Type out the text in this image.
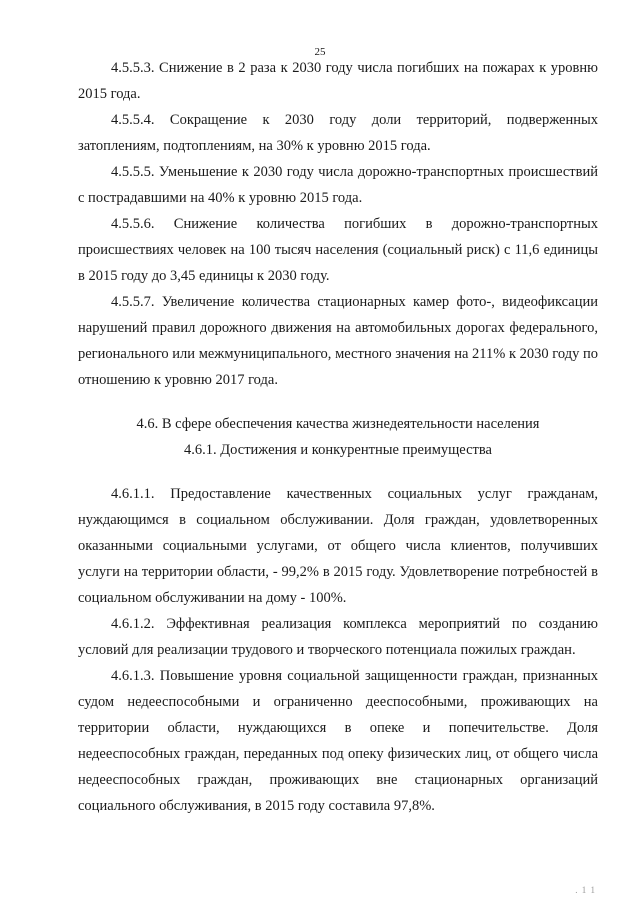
25

4.5.5.3. Снижение в 2 раза к 2030 году числа погибших на пожарах к уровню 2015 года.

4.5.5.4. Сокращение к 2030 году доли территорий, подверженных затоплениям, подтоплениям, на 30% к уровню 2015 года.

4.5.5.5. Уменьшение к 2030 году числа дорожно-транспортных происшествий с пострадавшими на 40% к уровню 2015 года.

4.5.5.6. Снижение количества погибших в дорожно-транспортных происшествиях человек на 100 тысяч населения (социальный риск) с 11,6 единицы в 2015 году до 3,45 единицы к 2030 году.

4.5.5.7. Увеличение количества стационарных камер фото-, видеофиксации нарушений правил дорожного движения на автомобильных дорогах федерального, регионального или межмуниципального, местного значения на 211% к 2030 году по отношению к уровню 2017 года.

4.6. В сфере обеспечения качества жизнедеятельности населения

4.6.1. Достижения и конкурентные преимущества

4.6.1.1. Предоставление качественных социальных услуг гражданам, нуждающимся в социальном обслуживании. Доля граждан, удовлетворенных оказанными социальными услугами, от общего числа клиентов, получивших услуги на территории области, - 99,2% в 2015 году. Удовлетворение потребностей в социальном обслуживании на дому - 100%.

4.6.1.2. Эффективная реализация комплекса мероприятий по созданию условий для реализации трудового и творческого потенциала пожилых граждан.

4.6.1.3. Повышение уровня социальной защищенности граждан, признанных судом недееспособными и ограниченно дееспособными, проживающих на территории области, нуждающихся в опеке и попечительстве. Доля недееспособных граждан, переданных под опеку физических лиц, от общего числа недееспособных граждан, проживающих вне стационарных организаций социального обслуживания, в 2015 году составила 97,8%.

. 1 1
